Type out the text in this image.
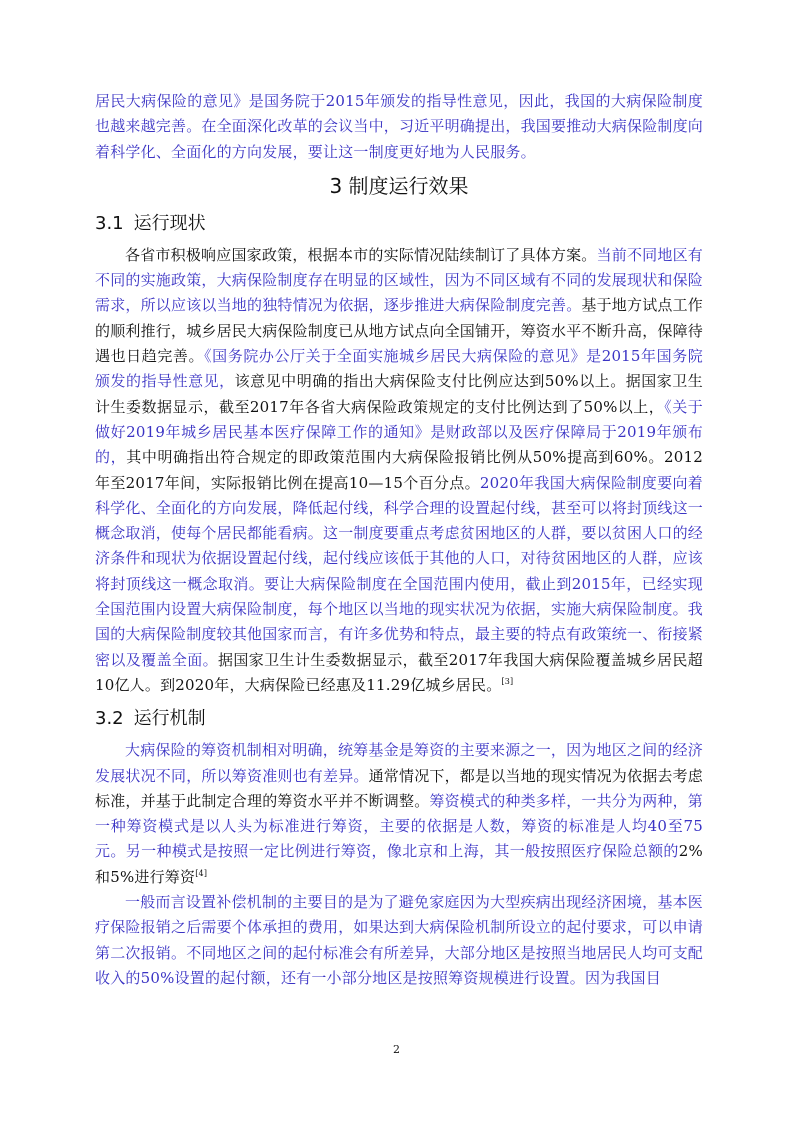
居民大病保险的意见》是国务院于2015年颁发的指导性意见，因此，我国的大病保险制度也越来越完善。在全面深化改革的会议当中，习近平明确提出，我国要推动大病保险制度向着科学化、全面化的方向发展，要让这一制度更好地为人民服务。

3 制度运行效果
3.1 运行现状

各省市积极响应国家政策，根据本市的实际情况陆续制订了具体方案。当前不同地区有不同的实施政策，大病保险制度存在明显的区域性，因为不同区域有不同的发展现状和保险需求，所以应该以当地的独特情况为依据，逐步推进大病保险制度完善。基于地方试点工作的顺利推行，城乡居民大病保险制度已从地方试点向全国铺开，筹资水平不断升高，保障待遇也日趋完善。《国务院办公厅关于全面实施城乡居民大病保险的意见》是2015年国务院颁发的指导性意见，该意见中明确的指出大病保险支付比例应达到50%以上。据国家卫生计生委数据显示，截至2017年各省大病保险政策规定的支付比例达到了50%以上，《关于做好2019年城乡居民基本医疗保障工作的通知》是财政部以及医疗保障局于2019年颁布的，其中明确指出符合规定的即政策范围内大病保险报销比例从50%提高到60%。2012年至2017年间，实际报销比例在提高10—15个百分点。2020年我国大病保险制度要向着科学化、全面化的方向发展，降低起付线，科学合理的设置起付线，甚至可以将封顶线这一概念取消，使每个居民都能看病。这一制度要重点考虑贫困地区的人群，要以贫困人口的经济条件和现状为依据设置起付线，起付线应该低于其他的人口，对待贫困地区的人群，应该将封顶线这一概念取消。要让大病保险制度在全国范围内使用，截止到2015年，已经实现全国范围内设置大病保险制度，每个地区以当地的现实状况为依据，实施大病保险制度。我国的大病保险制度较其他国家而言，有许多优势和特点，最主要的特点有政策统一、衔接紧密以及覆盖全面。据国家卫生计生委数据显示，截至2017年我国大病保险覆盖城乡居民超10亿人。到2020年，大病保险已经惠及11.29亿城乡居民。[3]

3.2 运行机制

大病保险的筹资机制相对明确，统筹基金是筹资的主要来源之一，因为地区之间的经济发展状况不同，所以筹资准则也有差异。通常情况下，都是以当地的现实情况为依据去考虑标准，并基于此制定合理的筹资水平并不断调整。筹资模式的种类多样，一共分为两种，第一种筹资模式是以人头为标准进行筹资，主要的依据是人数，筹资的标准是人均40至75元。另一种模式是按照一定比例进行筹资，像北京和上海，其一般按照医疗保险总额的2%和5%进行筹资[4]

一般而言设置补偿机制的主要目的是为了避免家庭因为大型疾病出现经济困境，基本医疗保险报销之后需要个体承担的费用，如果达到大病保险机制所设立的起付要求，可以申请第二次报销。不同地区之间的起付标准会有所差异，大部分地区是按照当地居民人均可支配收入的50%设置的起付额，还有一小部分地区是按照筹资规模进行设置。因为我国目

2
